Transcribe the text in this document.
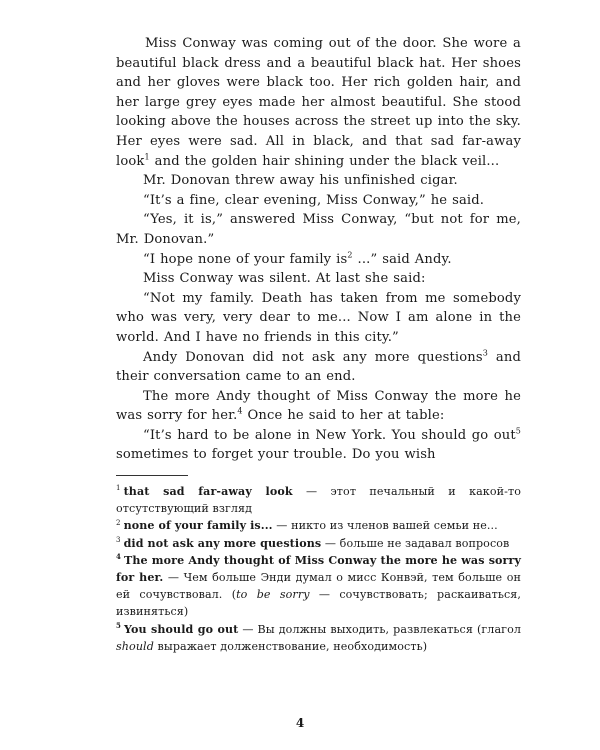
Miss Conway was coming out of the door. She wore a beautiful black dress and a beautiful black hat. Her shoes and her gloves were black too. Her rich golden hair, and her large grey eyes made her almost beautiful. She stood looking above the houses across the street up into the sky. Her eyes were sad. All in black, and that sad far-away look$^1$ and the golden hair shining under the black veil...

Mr. Donovan threw away his unfinished cigar.

“It’s a fine, clear evening, Miss Conway,” he said.

“Yes, it is,” answered Miss Conway, “but not for me, Mr. Donovan.”

“I hope none of your family $is^2$ ...” said Andy.

Miss Conway was silent. At last she said:

“Not my family. Death has taken from me somebody who was very, very dear to me... Now I am alone in the world. And I have no friends in this city.”

Andy Donovan did not ask any more questions$^3$ and their conversation came to an end.

The more Andy thought of Miss Conway the more he was sorry for her.$^4$ Once he said to her at table:

“It’s hard to be alone in New York. You should go out$^5$ sometimes to forget your trouble. Do you wish

$^1$ that sad far-away look — этот печальный и какой-то отсутствующий взгляд

$^2$ none of your family is... — никто из членов вашей семьи не...

$^3$ did not ask any more questions — больше не задавал вопросов

$^4$ The more Andy thought of Miss Conway the more he was sorry for her. — Чем больше Энди думал о мисс Конвэй, тем больше он ей сочувствовал. (to be sorry — сочувствовать; раскаиваться, извиняться)

$^5$ You should go out — Вы должны выходить, развлекаться (глагол should выражает долженствование, необходимость)

4
